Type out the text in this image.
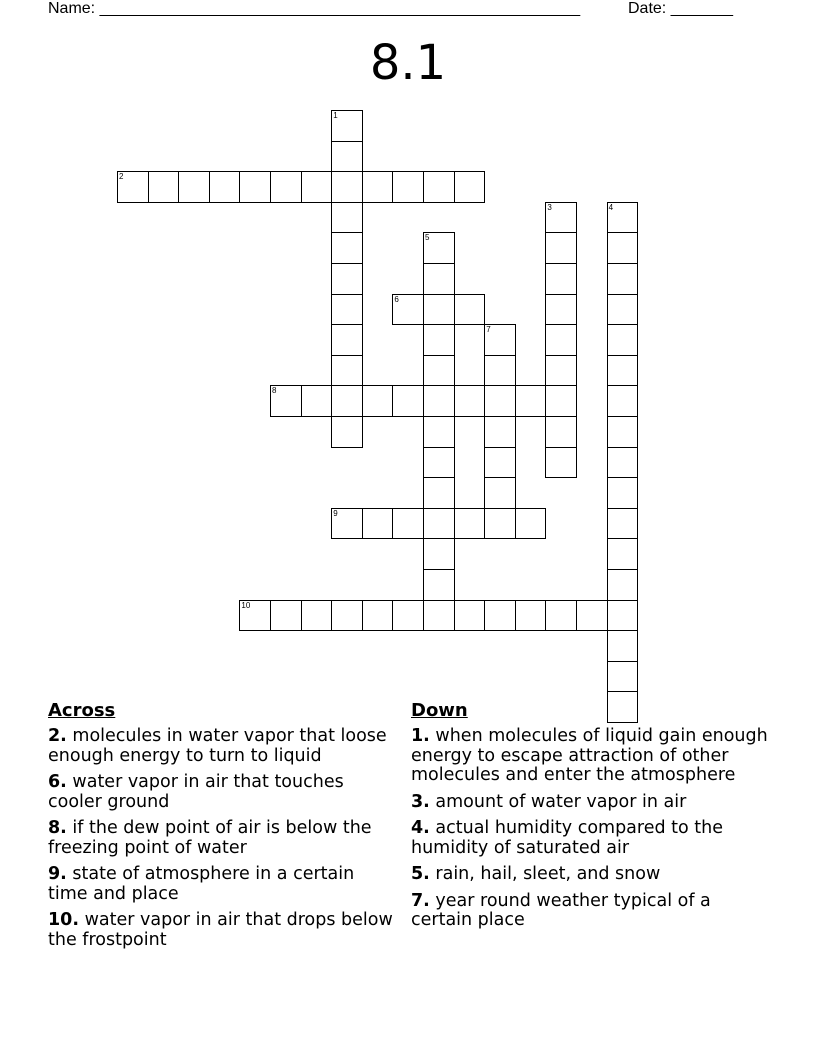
Name: ______________________________________________________	Date: _______
8.1
1
2
3	4
5
6
7
8
9
10
Across
2. molecules in water vapor that loose enough energy to turn to liquid
6. water vapor in air that touches cooler ground
8. if the dew point of air is below the freezing point of water
9. state of atmosphere in a certain time and place
10. water vapor in air that drops below the frostpoint
Down
1. when molecules of liquid gain enough energy to escape attraction of other molecules and enter the atmosphere
3. amount of water vapor in air
4. actual humidity compared to the humidity of saturated air
5. rain, hail, sleet, and snow
7. year round weather typical of a certain place
